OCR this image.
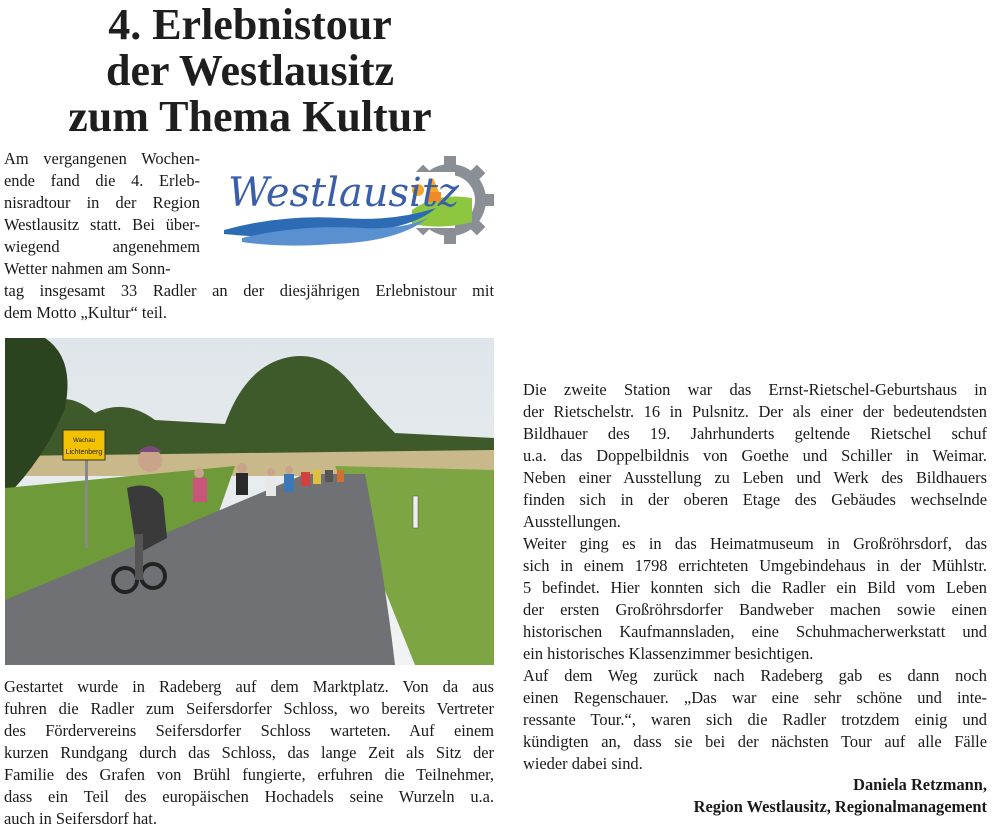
4. Erlebnistour
der Westlausitz
zum Thema Kultur
Am vergangenen Wochen-
ende fand die 4. Erleb-
nisradtour in der Region
Westlausitz statt. Bei über-
wiegend angenehmem
Wetter nahmen am Sonn-
Westlausitz
tag insgesamt 33 Radler an der diesjährigen Erlebnistour mit
dem Motto „Kultur“ teil.
Wachau
Lichtenberg
Gestartet wurde in Radeberg auf dem Marktplatz. Von da aus
fuhren die Radler zum Seifersdorfer Schloss, wo bereits Vertreter
des Fördervereins Seifersdorfer Schloss warteten. Auf einem
kurzen Rundgang durch das Schloss, das lange Zeit als Sitz der
Familie des Grafen von Brühl fungierte, erfuhren die Teilnehmer,
dass ein Teil des europäischen Hochadels seine Wurzeln u.a.
auch in Seifersdorf hat.
Die zweite Station war das Ernst-Rietschel-Geburtshaus in
der Rietschelstr. 16 in Pulsnitz. Der als einer der bedeutendsten
Bildhauer des 19. Jahrhunderts geltende Rietschel schuf
u.a. das Doppelbildnis von Goethe und Schiller in Weimar.
Neben einer Ausstellung zu Leben und Werk des Bildhauers
finden sich in der oberen Etage des Gebäudes wechselnde
Ausstellungen.
Weiter ging es in das Heimatmuseum in Großröhrsdorf, das
sich in einem 1798 errichteten Umgebindehaus in der Mühlstr.
5 befindet. Hier konnten sich die Radler ein Bild vom Leben
der ersten Großröhrsdorfer Bandweber machen sowie einen
historischen Kaufmannsladen, eine Schuhmacherwerkstatt und
ein historisches Klassenzimmer besichtigen.
Auf dem Weg zurück nach Radeberg gab es dann noch
einen Regenschauer. „Das war eine sehr schöne und inte-
ressante Tour.“, waren sich die Radler trotzdem einig und
kündigten an, dass sie bei der nächsten Tour auf alle Fälle
wieder dabei sind.
Daniela Retzmann,
Region Westlausitz, Regionalmanagement
